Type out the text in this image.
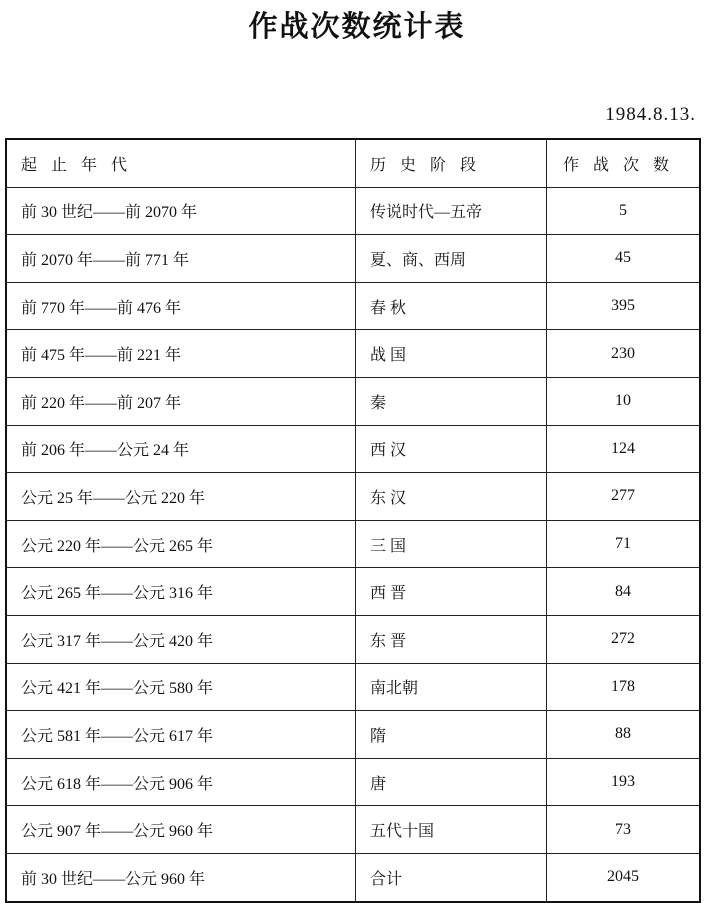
作战次数统计表
1984.8.13.
起止年代	历史阶段	作战次数
前 30 世纪——前 2070 年	传说时代—五帝	5
前 2070 年——前 771 年	夏、商、西周	45
前 770 年——前 476 年	春 秋	395
前 475 年——前 221 年	战 国	230
前 220 年——前 207 年	秦	10
前 206 年——公元 24 年	西 汉	124
公元 25 年——公元 220 年	东 汉	277
公元 220 年——公元 265 年	三 国	71
公元 265 年——公元 316 年	西 晋	84
公元 317 年——公元 420 年	东 晋	272
公元 421 年——公元 580 年	南北朝	178
公元 581 年——公元 617 年	隋	88
公元 618 年——公元 906 年	唐	193
公元 907 年——公元 960 年	五代十国	73
前 30 世纪——公元 960 年	合计	2045
